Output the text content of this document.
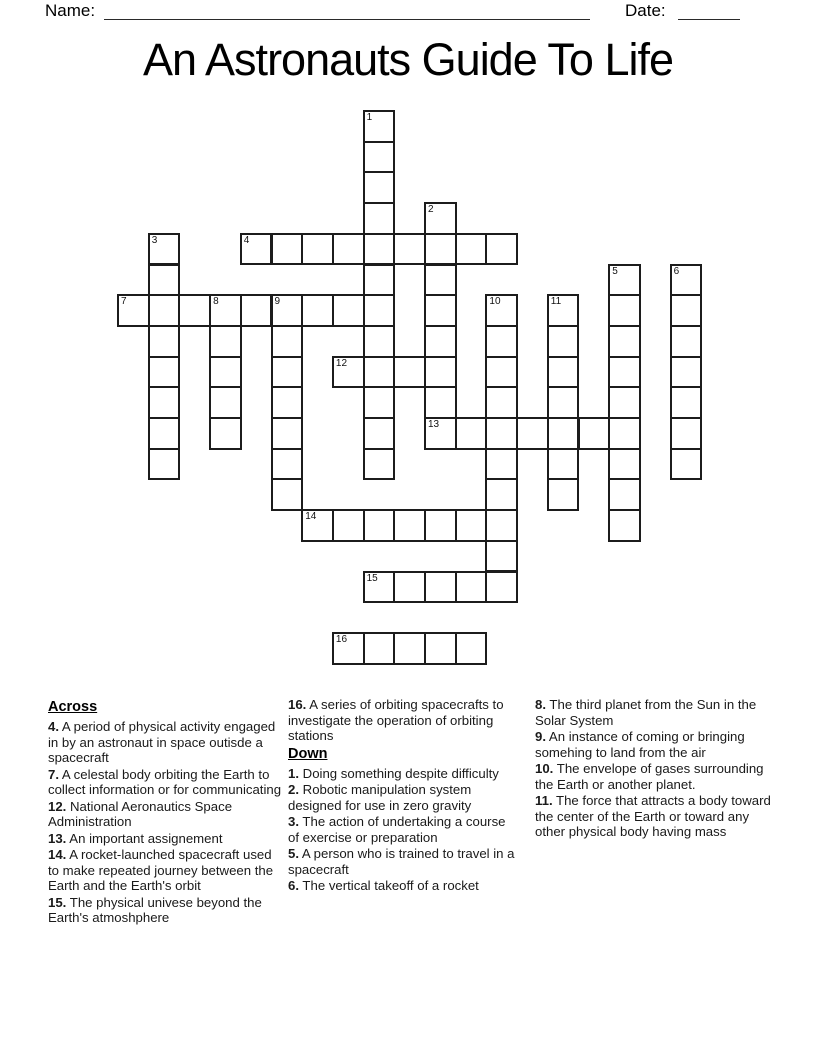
Name:	Date:
An Astronauts Guide To Life
1
2
13
3	4
5	6
7	8	9	10	11
12
14
15
16
Across
4. A period of physical activity engaged in by an astronaut in space outisde a spacecraft
7. A celestal body orbiting the Earth to collect information or for communicating
12. National Aeronautics Space Administration
13. An important assignement
14. A rocket-launched spacecraft used to make repeated journey between the Earth and the Earth's orbit
15. The physical univese beyond the Earth's atmoshphere
16. A series of orbiting spacecrafts to investigate the operation of orbiting stations
Down
1. Doing something despite difficulty
2. Robotic manipulation system designed for use in zero gravity
3. The action of undertaking a course of exercise or preparation
5. A person who is trained to travel in a spacecraft
6. The vertical takeoff of a rocket
8. The third planet from the Sun in the Solar System
9. An instance of coming or bringing somehing to land from the air
10. The envelope of gases surrounding the Earth or another planet.
11. The force that attracts a body toward the center of the Earth or toward any other physical body having mass
